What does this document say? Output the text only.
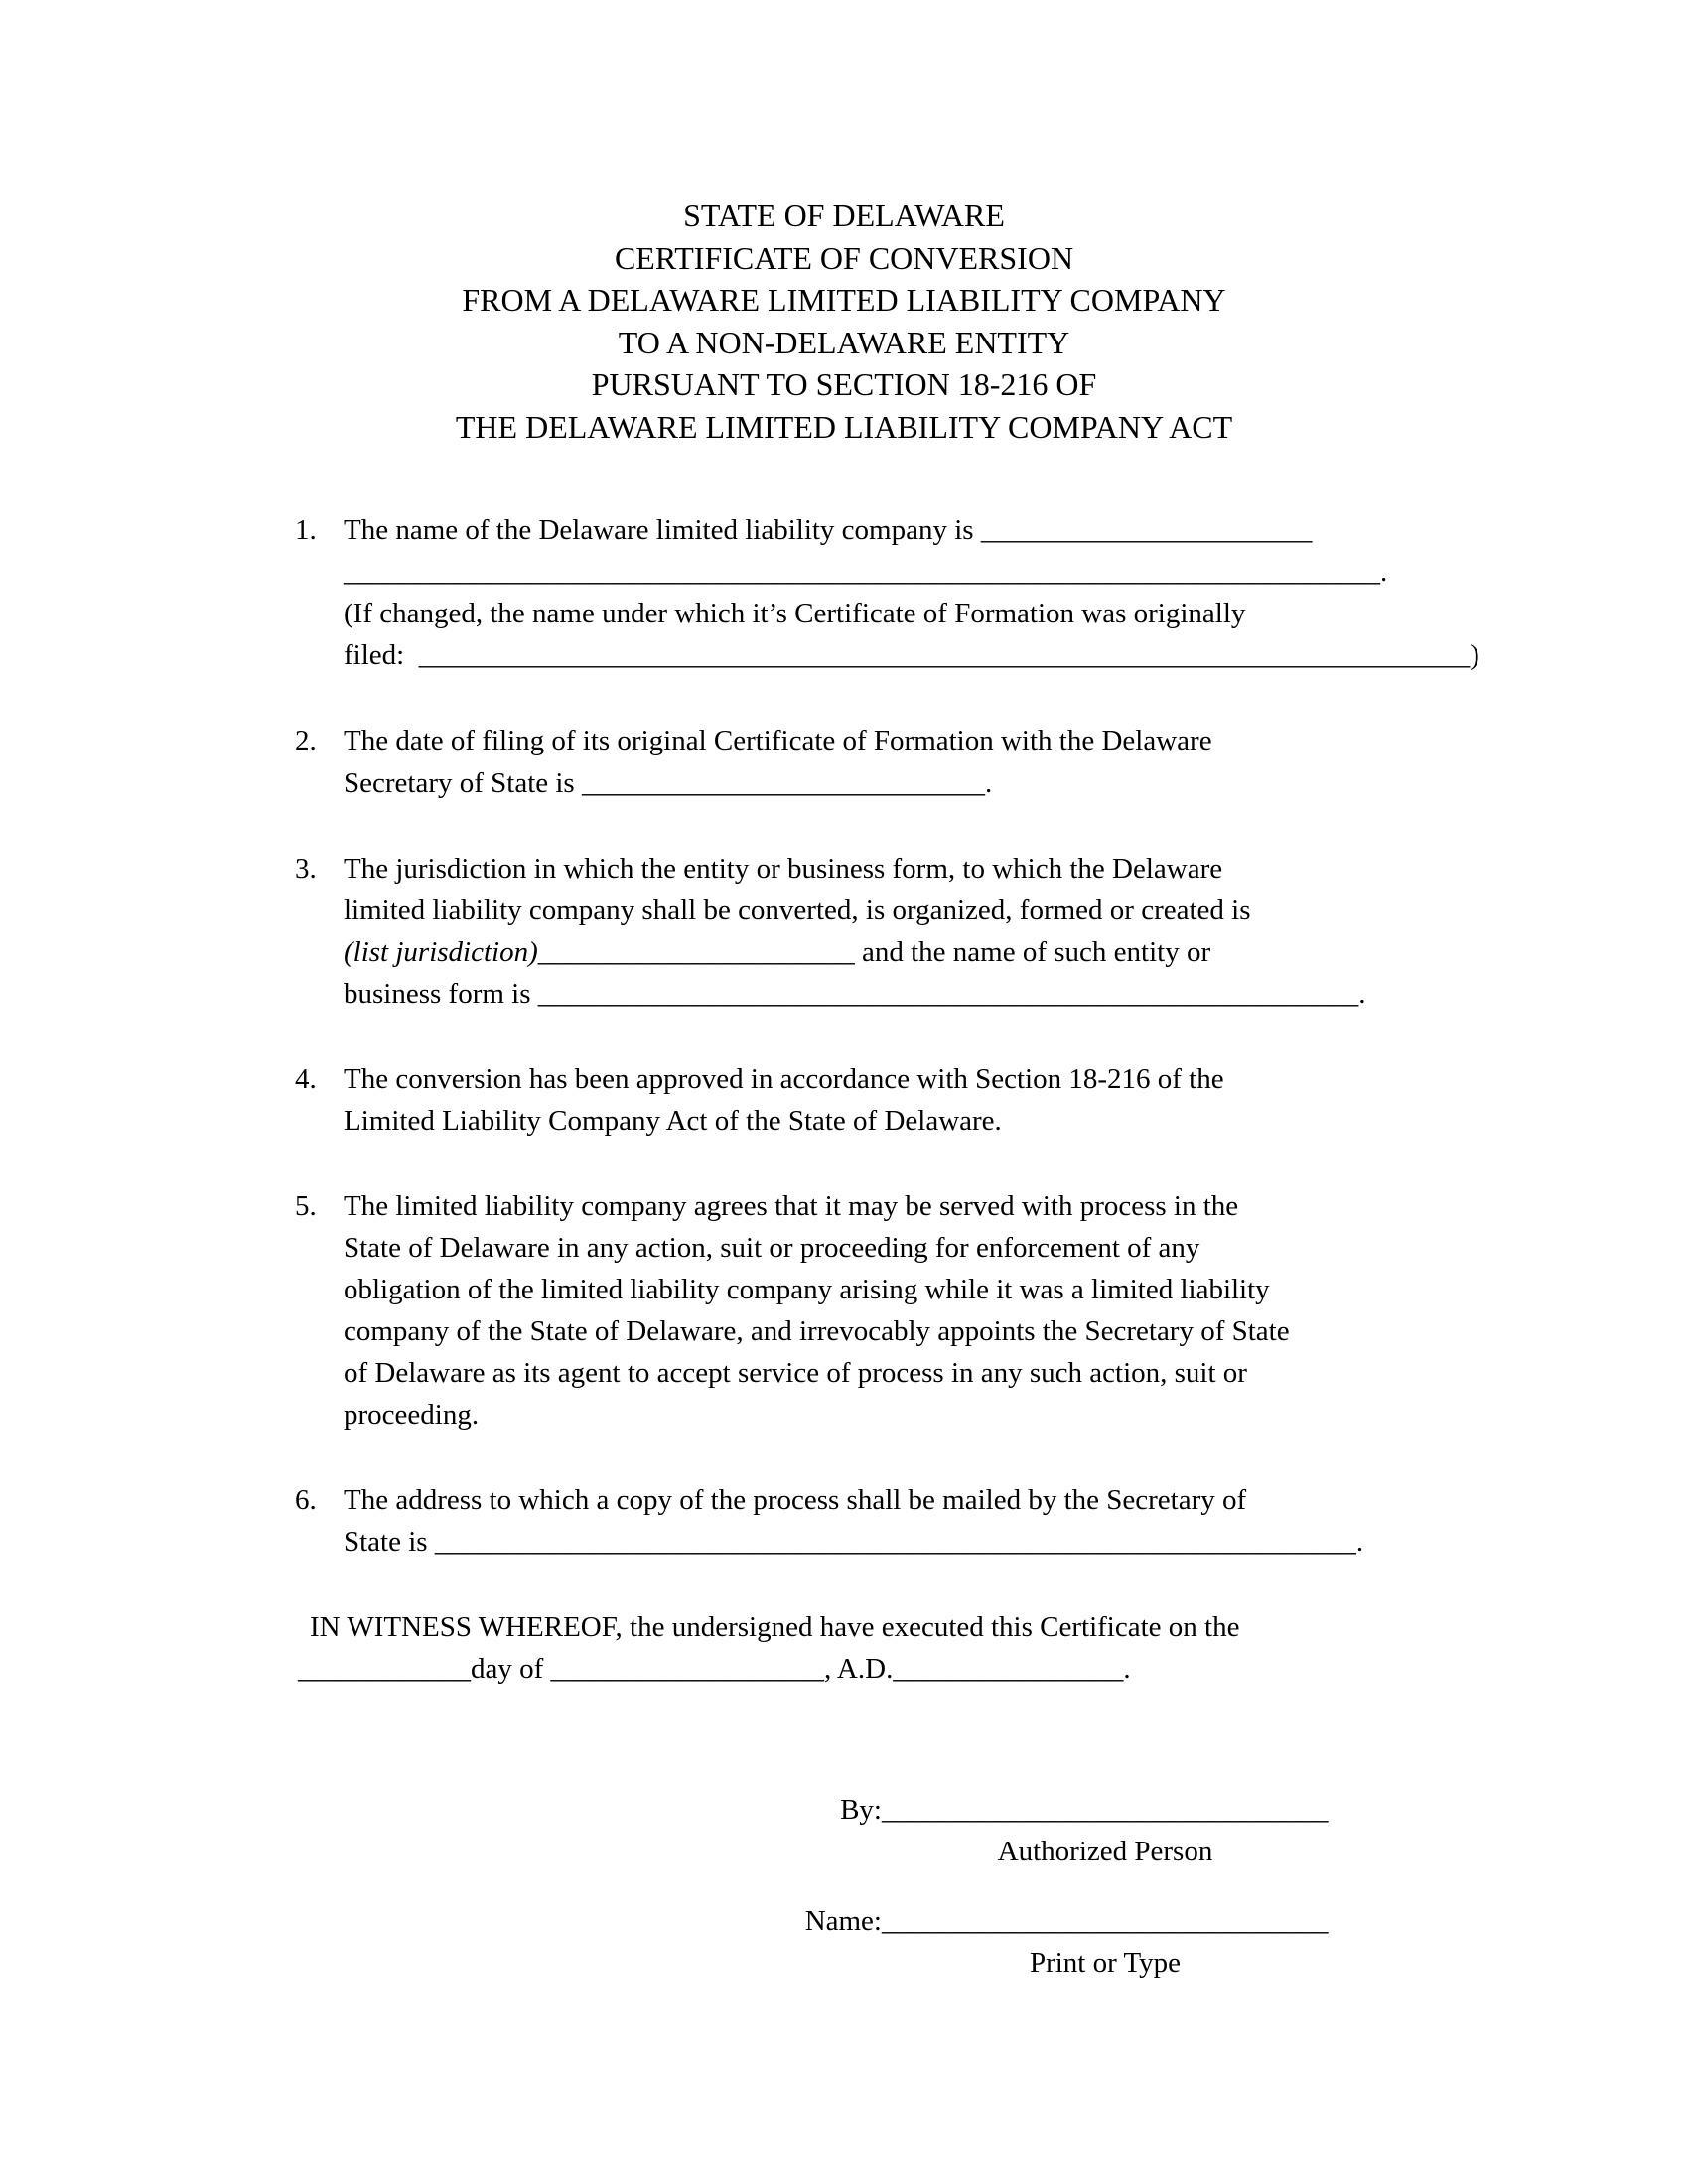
STATE OF DELAWARE
CERTIFICATE OF CONVERSION
FROM A DELAWARE LIMITED LIABILITY COMPANY
TO A NON-DELAWARE ENTITY
PURSUANT TO SECTION 18-216 OF
THE DELAWARE LIMITED LIABILITY COMPANY ACT
1. The name of the Delaware limited liability company is _______________________
________________________________________________________________________.
(If changed, the name under which it’s Certificate of Formation was originally
filed:  _________________________________________________________________________)
2. The date of filing of its original Certificate of Formation with the Delaware
Secretary of State is ____________________________.
3. The jurisdiction in which the entity or business form, to which the Delaware
limited liability company shall be converted, is organized, formed or created is
(list jurisdiction)______________________ and the name of such entity or
business form is _________________________________________________________.
4. The conversion has been approved in accordance with Section 18-216 of the
Limited Liability Company Act of the State of Delaware.
5. The limited liability company agrees that it may be served with process in the
State of Delaware in any action, suit or proceeding for enforcement of any
obligation of the limited liability company arising while it was a limited liability
company of the State of Delaware, and irrevocably appoints the Secretary of State
of Delaware as its agent to accept service of process in any such action, suit or
proceeding.
6. The address to which a copy of the process shall be mailed by the Secretary of
State is ________________________________________________________________.
IN WITNESS WHEREOF, the undersigned have executed this Certificate on the
____________day of ___________________, A.D.________________.
By: _______________________________
Authorized Person
Name: _______________________________
Print or Type
